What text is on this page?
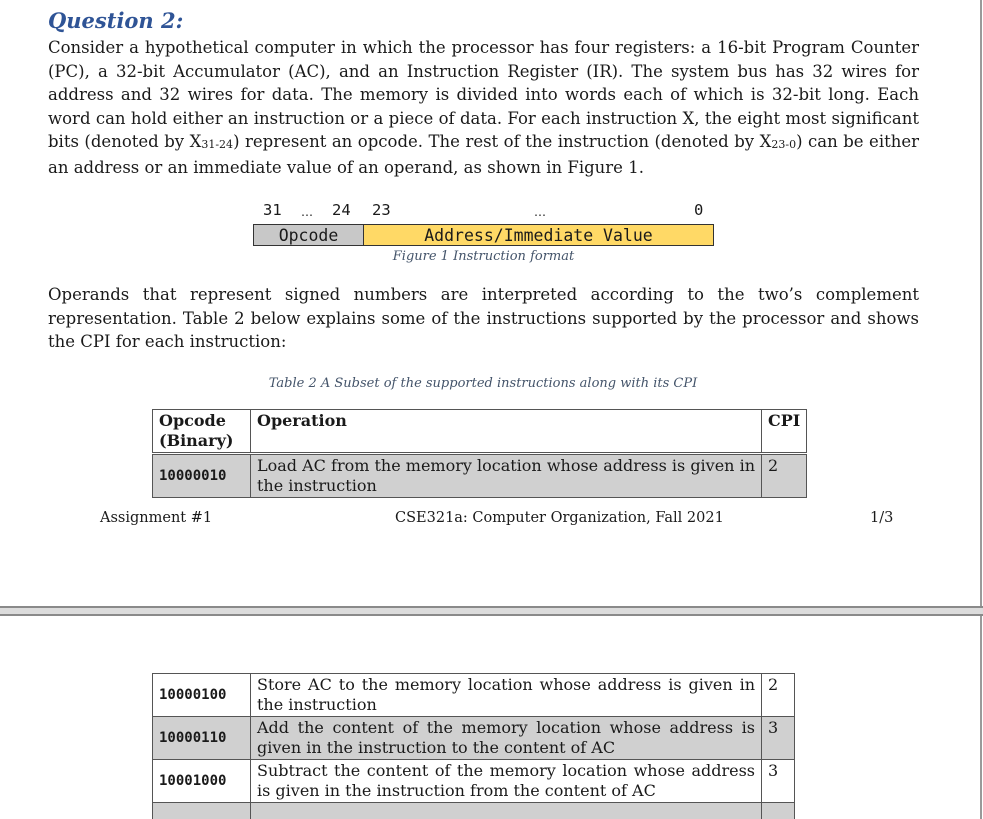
Question 2:
Consider a hypothetical computer in which the processor has four registers: a 16-bit Program Counter (PC), a 32-bit Accumulator (AC), and an Instruction Register (IR). The system bus has 32 wires for address and 32 wires for data. The memory is divided into words each of which is 32-bit long. Each word can hold either an instruction or a piece of data. For each instruction X, the eight most significant bits (denoted by $X_{31-24}$) represent an opcode. The rest of the instruction (denoted by $X_{23-0}$) can be either an address or an immediate value of an operand, as shown in Figure 1.
31 … 24 23	…	0
Opcode	Address/Immediate Value
Figure 1 Instruction format
Operands that represent signed numbers are interpreted according to the two’s complement representation. Table 2 below explains some of the instructions supported by the processor and shows the CPI for each instruction:
Table 2 A Subset of the supported instructions along with its CPI
Opcode (Binary)	Operation	CPI
10000010	Load AC from the memory location whose address is given in the instruction	2
Assignment #1	CSE321a: Computer Organization, Fall 2021	1/3
10000100	Store AC to the memory location whose address is given in the instruction	2
10000110	Add the content of the memory location whose address is given in the instruction to the content of AC	3
10001000	Subtract the content of the memory location whose address is given in the instruction from the content of AC	3
